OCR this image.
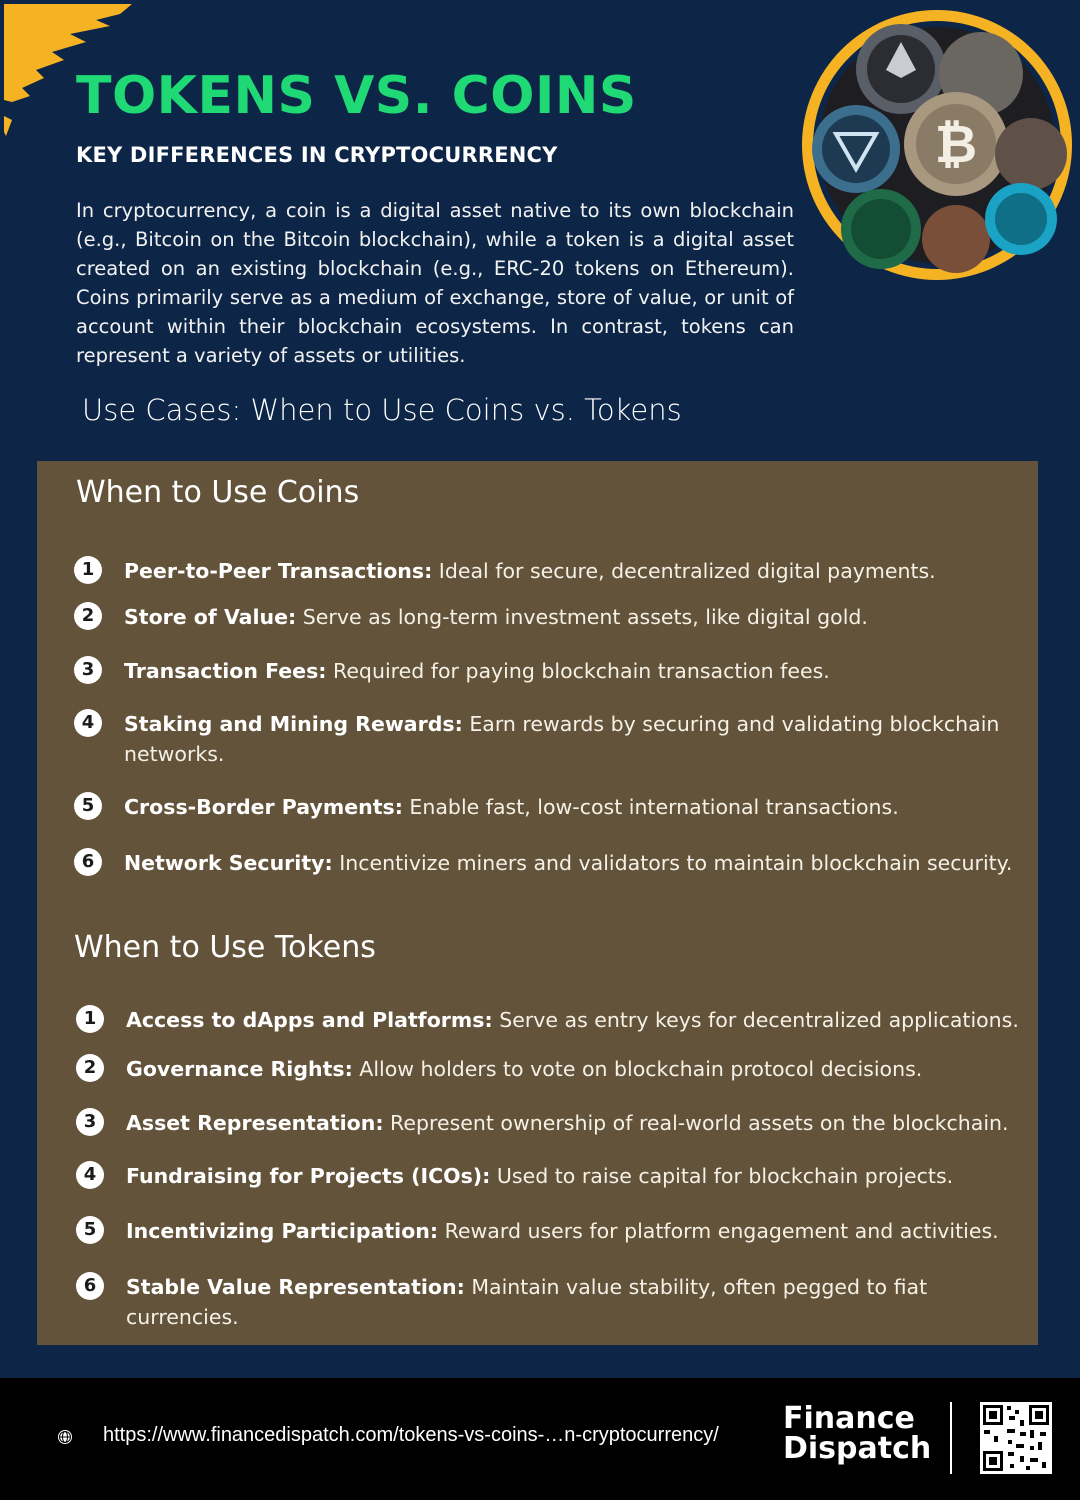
TOKENS VS. COINS
KEY DIFFERENCES IN CRYPTOCURRENCY
In cryptocurrency, a coin is a digital asset native to its own blockchain (e.g., Bitcoin on the Bitcoin blockchain), while a token is a digital asset created on an existing blockchain (e.g., ERC-20 tokens on Ethereum). Coins primarily serve as a medium of exchange, store of value, or unit of account within their blockchain ecosystems. In contrast, tokens can represent a variety of assets or utilities.
₿
Use Cases: When to Use Coins vs. Tokens
When to Use Coins
1	Peer-to-Peer Transactions: Ideal for secure, decentralized digital payments.
2	Store of Value: Serve as long-term investment assets, like digital gold.
3	Transaction Fees: Required for paying blockchain transaction fees.
4	Staking and Mining Rewards: Earn rewards by securing and validating blockchain networks.
5	Cross-Border Payments: Enable fast, low-cost international transactions.
6	Network Security: Incentivize miners and validators to maintain blockchain security.
When to Use Tokens
1	Access to dApps and Platforms: Serve as entry keys for decentralized applications.
2	Governance Rights: Allow holders to vote on blockchain protocol decisions.
3	Asset Representation: Represent ownership of real-world assets on the blockchain.
4	Fundraising for Projects (ICOs): Used to raise capital for blockchain projects.
5	Incentivizing Participation: Reward users for platform engagement and activities.
6	Stable Value Representation: Maintain value stability, often pegged to fiat currencies.
https://www.financedispatch.com/tokens-vs-coins-…n-cryptocurrency/ Finance
Dispatch
